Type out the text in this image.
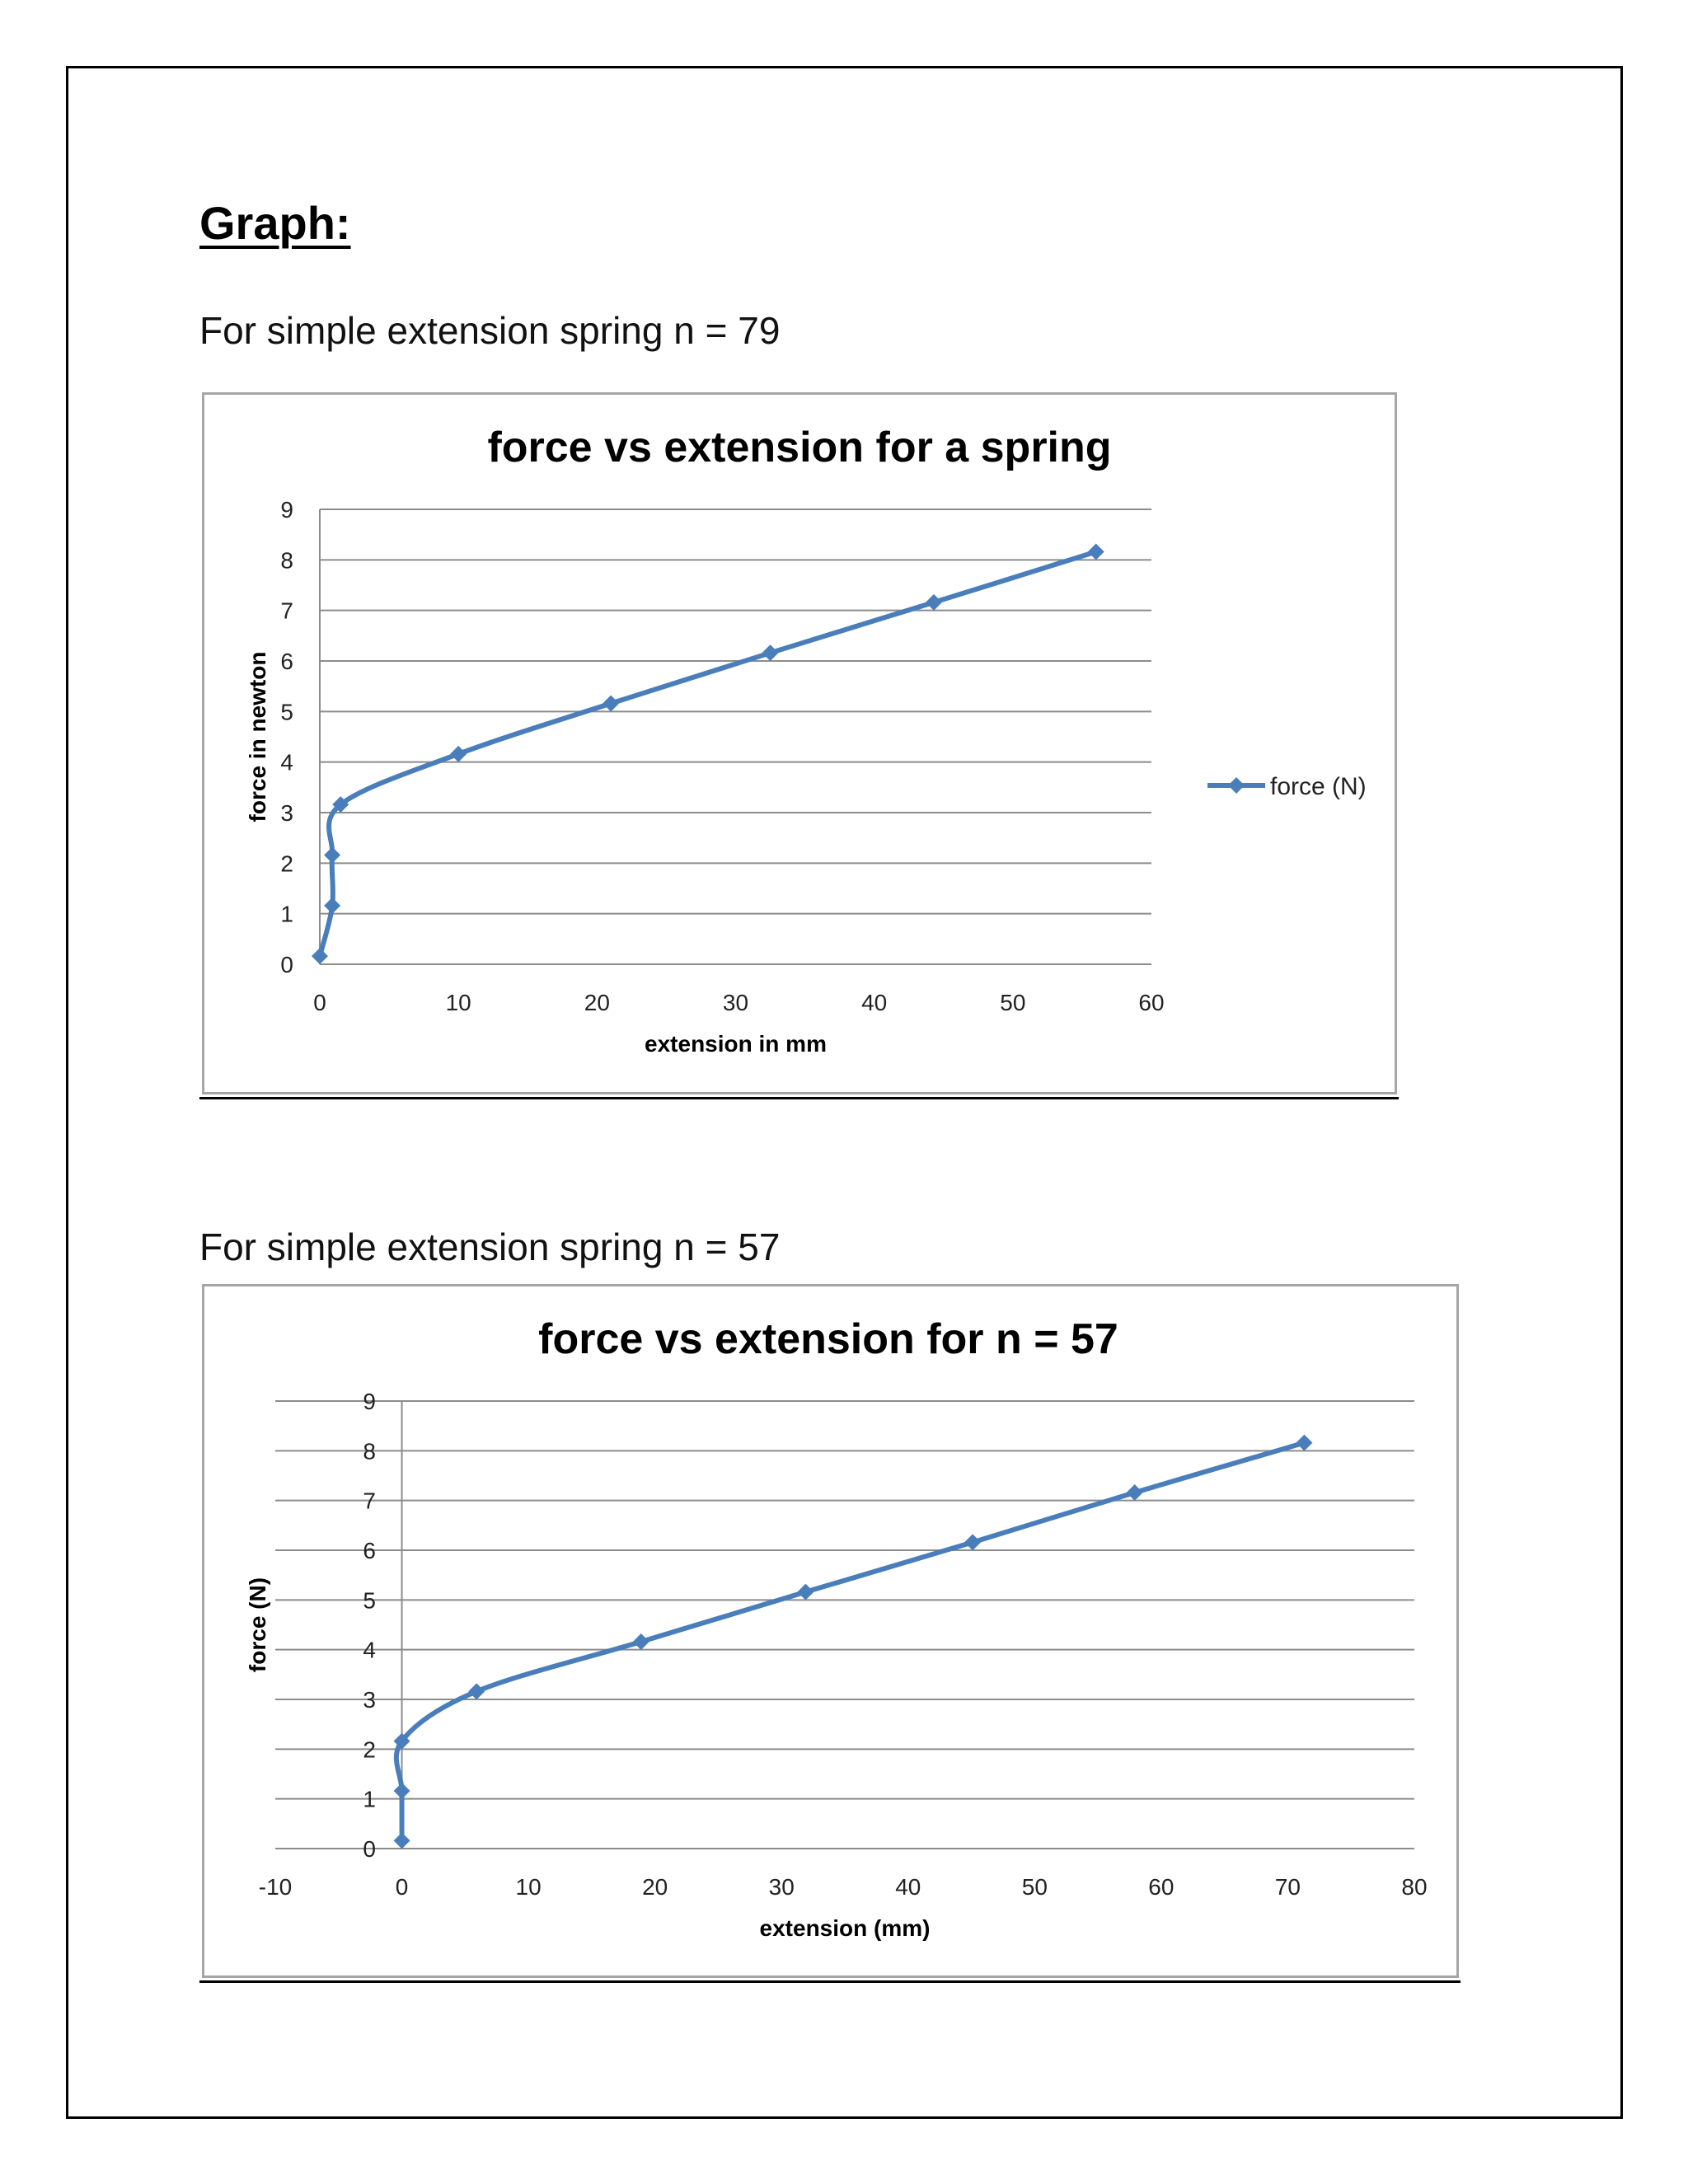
Graph:
For simple extension spring n = 79
For simple extension spring n = 57
force vs extension for a spring
0
1
2
3
4
5
6
7
8
9
0	10	20	30	40	50	60
extension in mm
force in newton	force (N)
force vs extension for n = 57
0
1
2
3
4
5
6
7
8
9
-10	0	10	20	30	40	50	60	70	80
extension (mm)
force (N)
